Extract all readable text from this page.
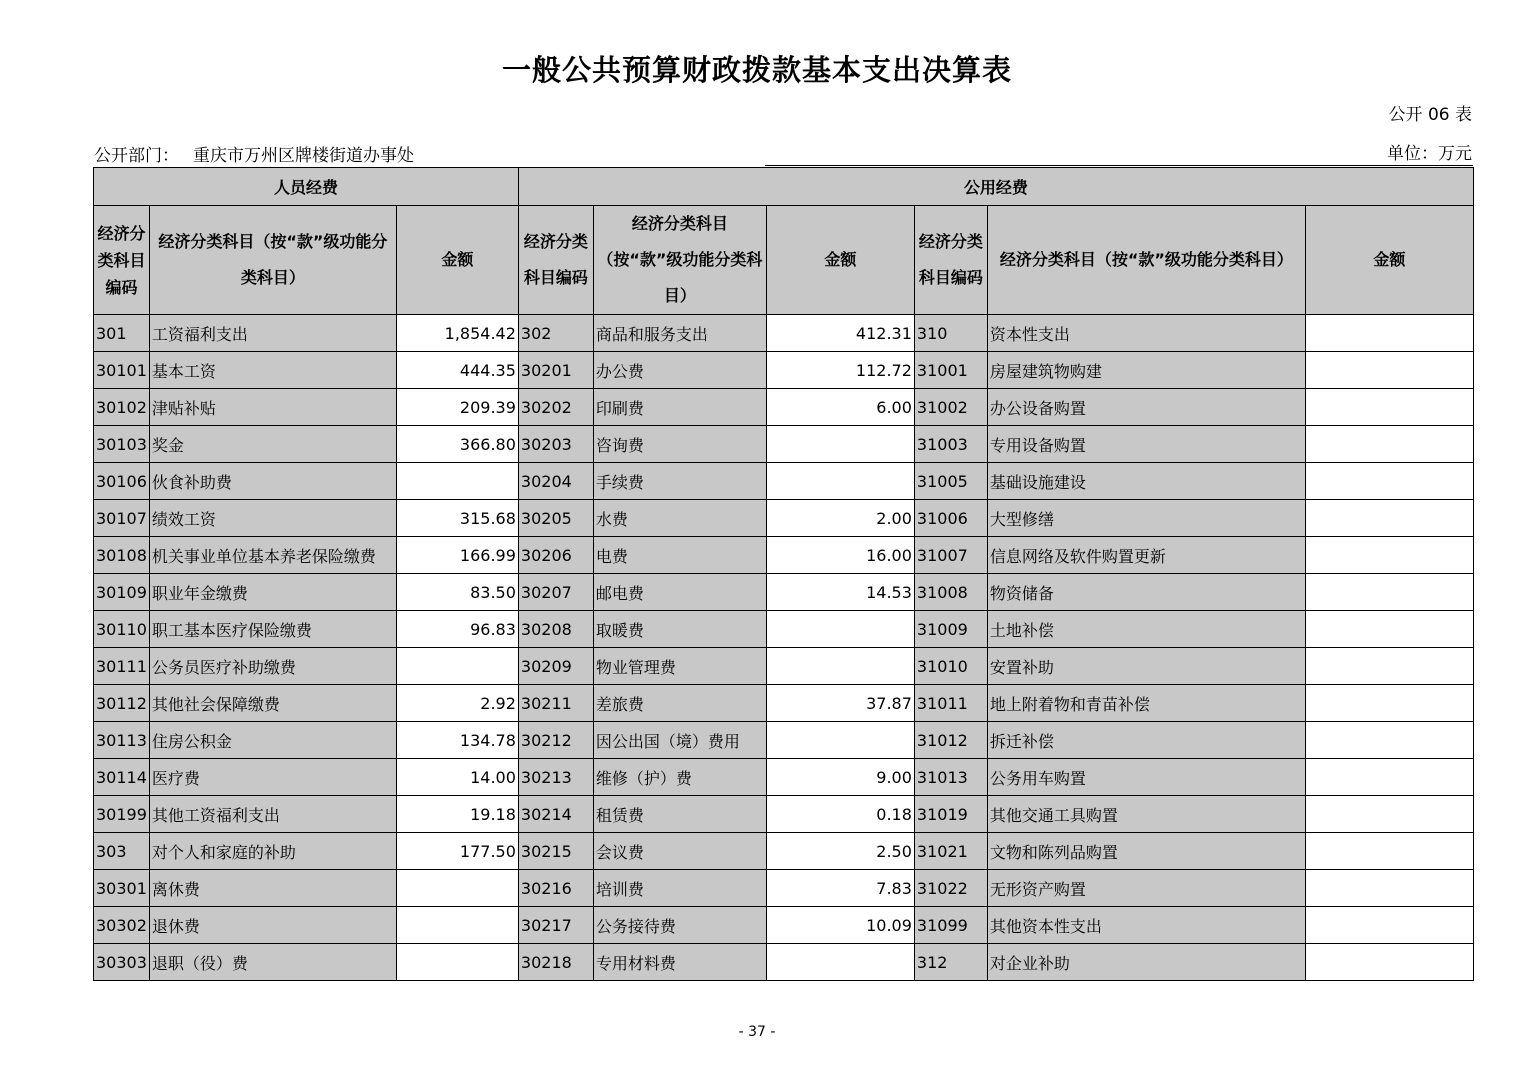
一般公共预算财政拨款基本支出决算表
公开 06 表
公开部门： 重庆市万州区牌楼街道办事处	单位：万元
人员经费			公用经费					
经济分类科目编码	经济分类科目（按“款”级功能分类科目）	金额	经济分类科目编码	经济分类科目（按“款”级功能分类科目）	金额	经济分类科目编码	经济分类科目（按“款”级功能分类科目）	金额
301	工资福利支出	1,854.42	302	商品和服务支出	412.31	310	资本性支出	
30101	基本工资	444.35	30201	办公费	112.72	31001	房屋建筑物购建	
30102	津贴补贴	209.39	30202	印刷费	6.00	31002	办公设备购置	
30103	奖金	366.80	30203	咨询费		31003	专用设备购置	
30106	伙食补助费		30204	手续费		31005	基础设施建设	
30107	绩效工资	315.68	30205	水费	2.00	31006	大型修缮	
30108	机关事业单位基本养老保险缴费	166.99	30206	电费	16.00	31007	信息网络及软件购置更新	
30109	职业年金缴费	83.50	30207	邮电费	14.53	31008	物资储备	
30110	职工基本医疗保险缴费	96.83	30208	取暖费		31009	土地补偿	
30111	公务员医疗补助缴费		30209	物业管理费		31010	安置补助	
30112	其他社会保障缴费	2.92	30211	差旅费	37.87	31011	地上附着物和青苗补偿	
30113	住房公积金	134.78	30212	因公出国（境）费用		31012	拆迁补偿	
30114	医疗费	14.00	30213	维修（护）费	9.00	31013	公务用车购置	
30199	其他工资福利支出	19.18	30214	租赁费	0.18	31019	其他交通工具购置	
303	对个人和家庭的补助	177.50	30215	会议费	2.50	31021	文物和陈列品购置	
30301	离休费		30216	培训费	7.83	31022	无形资产购置	
30302	退休费		30217	公务接待费	10.09	31099	其他资本性支出	
30303	退职（役）费		30218	专用材料费		312	对企业补助	
- 37 -
